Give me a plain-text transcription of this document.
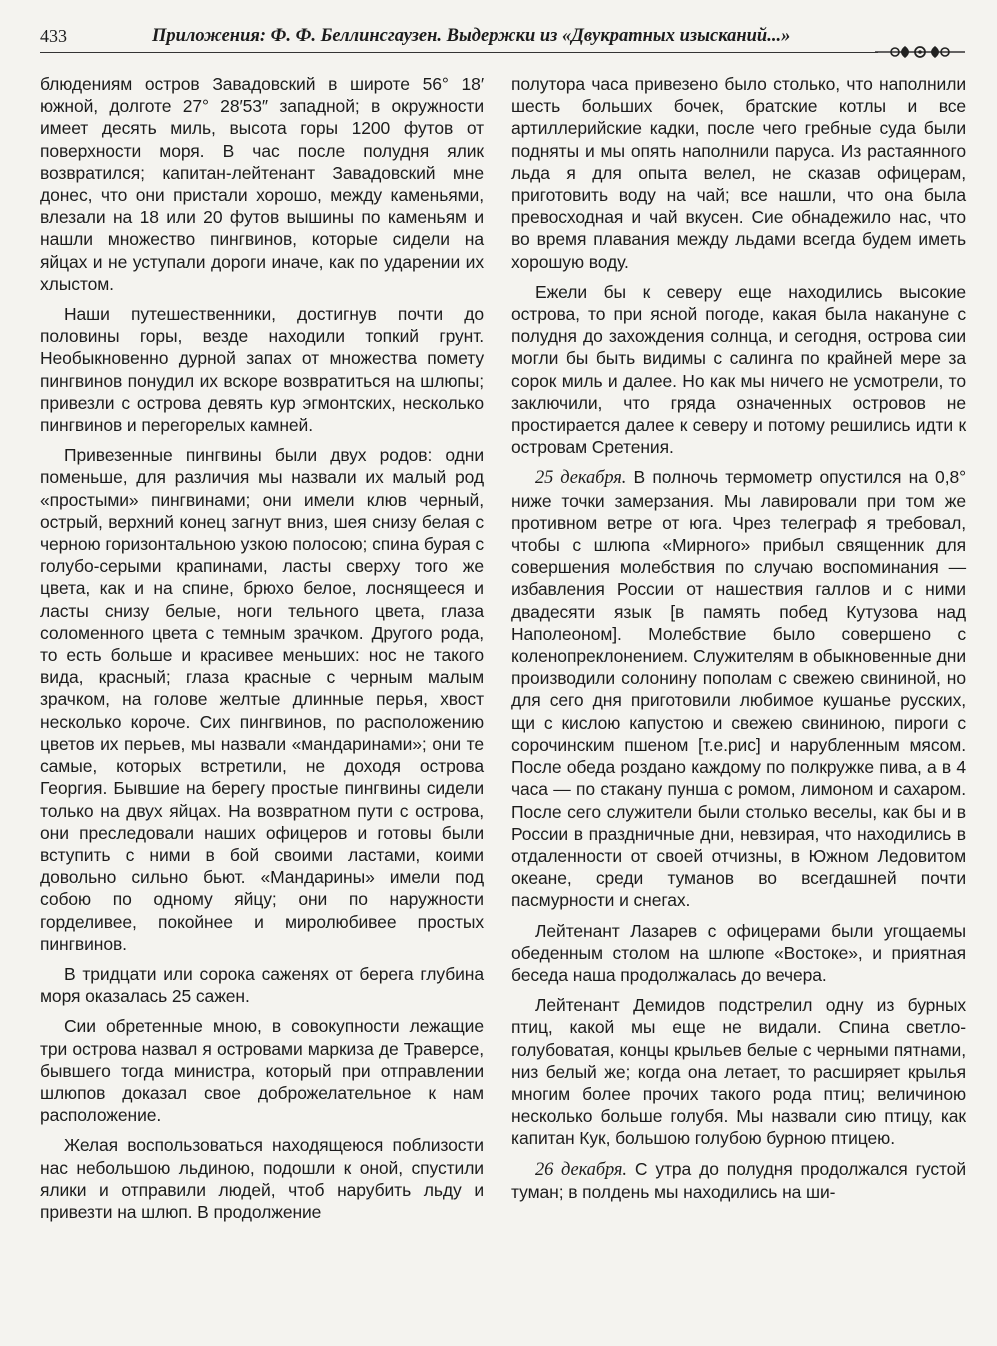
433	Приложения: Ф. Ф. Беллинсгаузен. Выдержки из «Двукратных изысканий...»

блюдениям остров Завадовский в широте 56° 18′ южной, долготе 27° 28′53″ западной; в окружности имеет десять миль, высота горы 1200 футов от поверхности моря. В час после полудня ялик возвратился; капитан-лейтенант Завадовский мне донес, что они пристали хорошо, между каменьями, влезали на 18 или 20 футов вышины по каменьям и нашли множество пингвинов, которые сидели на яйцах и не уступали дороги иначе, как по ударении их хлыстом.

Наши путешественники, достигнув почти до половины горы, везде находили топкий грунт. Необыкновенно дурной запах от множества помету пингвинов понудил их вскоре возвратиться на шлюпы; привезли с острова девять кур эгмонтских, несколько пингвинов и перегорелых камней.

Привезенные пингвины были двух родов: одни поменьше, для различия мы назвали их малый род «простыми» пингвинами; они имели клюв черный, острый, верхний конец загнут вниз, шея снизу белая с черною горизонтальною узкою полосою; спина бурая с голубо-серыми крапинами, ласты сверху того же цвета, как и на спине, брюхо белое, лоснящееся и ласты снизу белые, ноги тельного цвета, глаза соломенного цвета с темным зрачком. Другого рода, то есть больше и красивее меньших: нос не такого вида, красный; глаза красные с черным малым зрачком, на голове желтые длинные перья, хвост несколько короче. Сих пингвинов, по расположению цветов их перьев, мы назвали «мандаринами»; они те самые, которых встретили, не доходя острова Георгия. Бывшие на берегу простые пингвины сидели только на двух яйцах. На возвратном пути с острова, они преследовали наших офицеров и готовы были вступить с ними в бой своими ластами, коими довольно сильно бьют. «Мандарины» имели под собою по одному яйцу; они по наружности горделивее, покойнее и миролюбивее простых пингвинов.

В тридцати или сорока саженях от берега глубина моря оказалась 25 сажен.

Сии обретенные мною, в совокупности лежащие три острова назвал я островами маркиза де Траверсе, бывшего тогда министра, который при отправлении шлюпов доказал свое доброжелательное к нам расположение.

Желая воспользоваться находящеюся поблизости нас небольшою льдиною, подошли к оной, спустили ялики и отправили людей, чтоб нарубить льду и привезти на шлюп. В продолжение

полутора часа привезено было столько, что наполнили шесть больших бочек, братские котлы и все артиллерийские кадки, после чего гребные суда были подняты и мы опять наполнили паруса. Из растаянного льда я для опыта велел, не сказав офицерам, приготовить воду на чай; все нашли, что она была превосходная и чай вкусен. Сие обнадежило нас, что во время плавания между льдами всегда будем иметь хорошую воду.

Ежели бы к северу еще находились высокие острова, то при ясной погоде, какая была накануне с полудня до захождения солнца, и сегодня, острова сии могли бы быть видимы с салинга по крайней мере за сорок миль и далее. Но как мы ничего не усмотрели, то заключили, что гряда означенных островов не простирается далее к северу и потому решились идти к островам Сретения.

25 декабря. В полночь термометр опустился на 0,8° ниже точки замерзания. Мы лавировали при том же противном ветре от юга. Чрез телеграф я требовал, чтобы с шлюпа «Мирного» прибыл священник для совершения молебствия по случаю воспоминания — избавления России от нашествия галлов и с ними двадесяти язык [в память побед Кутузова над Наполеоном]. Молебствие было совершено с коленопреклонением. Служителям в обыкновенные дни производили солонину пополам с свежею свининой, но для сего дня приготовили любимое кушанье русских, щи с кислою капустою и свежею свининою, пироги с сорочинским пшеном [т.е.рис] и нарубленным мясом. После обеда роздано каждому по полкружке пива, а в 4 часа — по стакану пунша с ромом, лимоном и сахаром. После сего служители были столько веселы, как бы и в России в праздничные дни, невзирая, что находились в отдаленности от своей отчизны, в Южном Ледовитом океане, среди туманов во всегдашней почти пасмурности и снегах.

Лейтенант Лазарев с офицерами были угощаемы обеденным столом на шлюпе «Востоке», и приятная беседа наша продолжалась до вечера.

Лейтенант Демидов подстрелил одну из бурных птиц, какой мы еще не видали. Спина светло-голубоватая, концы крыльев белые с черными пятнами, низ белый же; когда она летает, то расширяет крылья многим более прочих такого рода птиц; величиною несколько больше голубя. Мы назвали сию птицу, как капитан Кук, большою голубою бурною птицею.

26 декабря. С утра до полудня продолжался густой туман; в полдень мы находились на ши-
